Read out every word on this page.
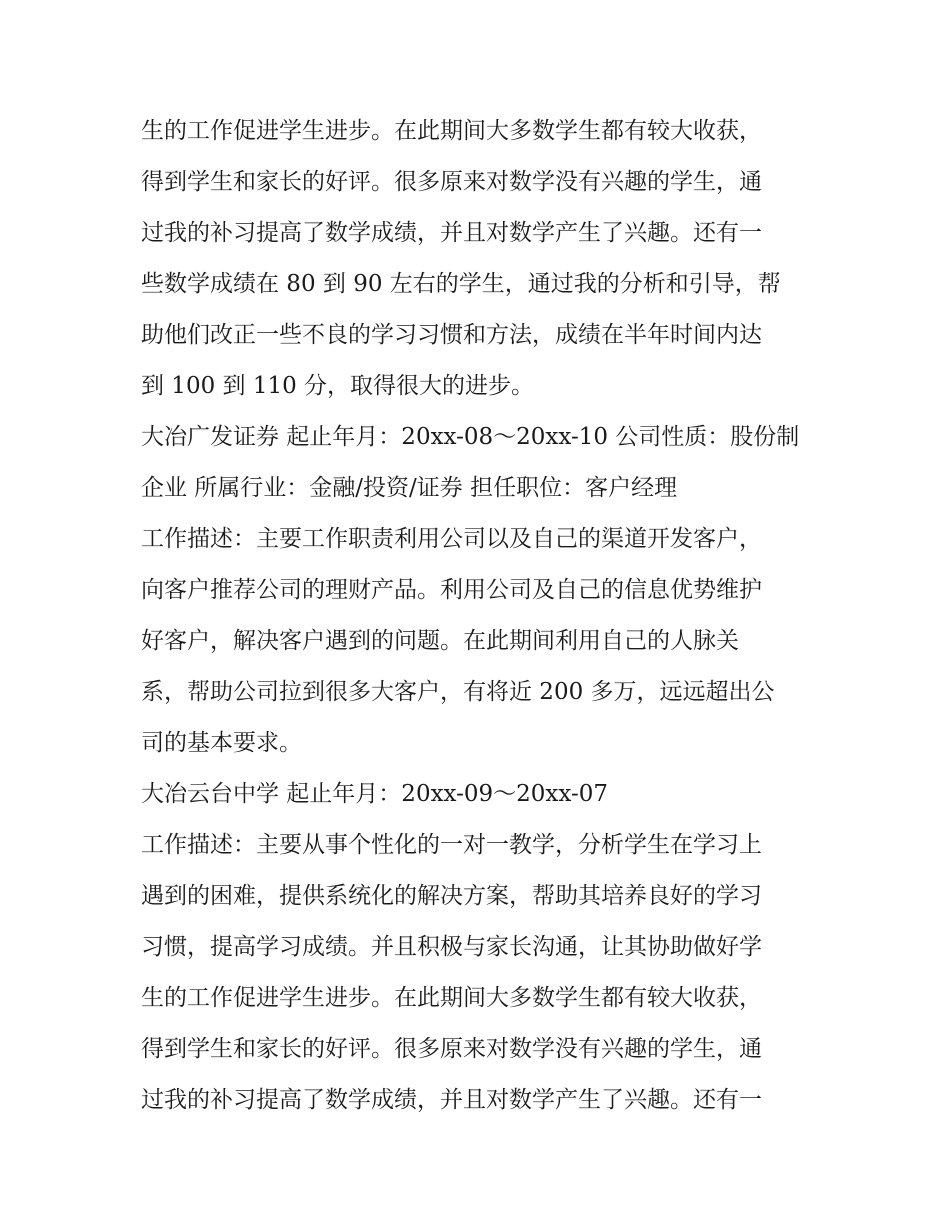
生的工作促进学生进步。在此期间大多数学生都有较大收获，
得到学生和家长的好评。很多原来对数学没有兴趣的学生，通
过我的补习提高了数学成绩，并且对数学产生了兴趣。还有一
些数学成绩在 80 到 90 左右的学生，通过我的分析和引导，帮
助他们改正一些不良的学习习惯和方法，成绩在半年时间内达
到 100 到 110 分，取得很大的进步。
大冶广发证券 起止年月：20xx-08～20xx-10 公司性质：股份制
企业 所属行业：金融/投资/证券 担任职位：客户经理
工作描述：主要工作职责利用公司以及自己的渠道开发客户，
向客户推荐公司的理财产品。利用公司及自己的信息优势维护
好客户，解决客户遇到的问题。在此期间利用自己的人脉关
系，帮助公司拉到很多大客户，有将近 200 多万，远远超出公
司的基本要求。
大冶云台中学 起止年月：20xx-09～20xx-07
工作描述：主要从事个性化的一对一教学，分析学生在学习上
遇到的困难，提供系统化的解决方案，帮助其培养良好的学习
习惯，提高学习成绩。并且积极与家长沟通，让其协助做好学
生的工作促进学生进步。在此期间大多数学生都有较大收获，
得到学生和家长的好评。很多原来对数学没有兴趣的学生，通
过我的补习提高了数学成绩，并且对数学产生了兴趣。还有一
